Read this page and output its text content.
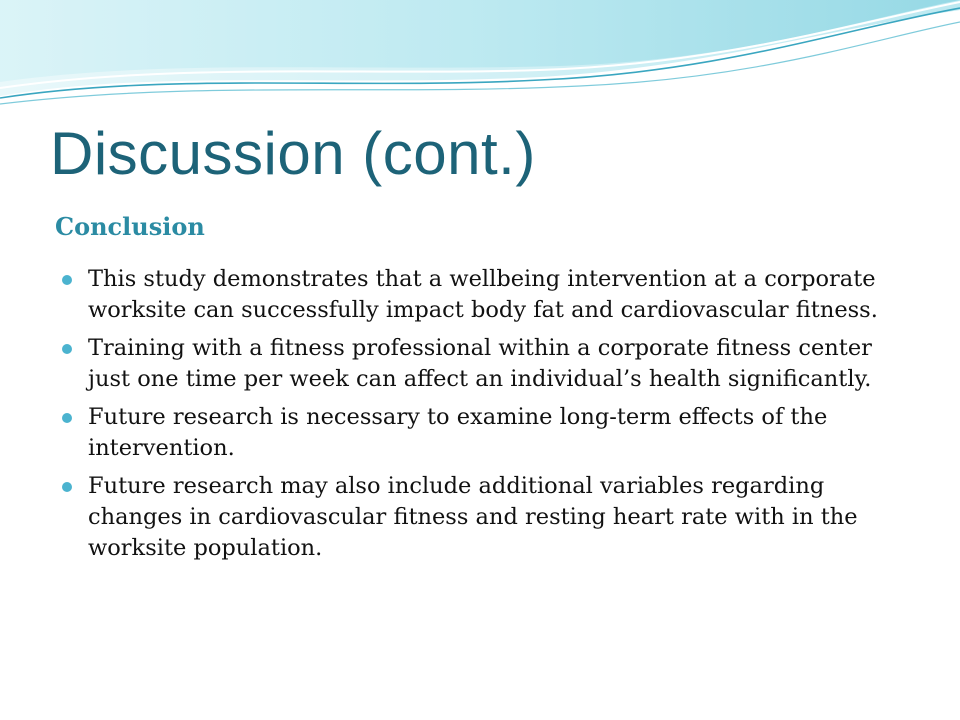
Discussion (cont.)
Conclusion
This study demonstrates that a wellbeing intervention at a corporate worksite can successfully impact body fat and cardiovascular fitness.
Training with a fitness professional within a corporate fitness center just one time per week can affect an individual’s health significantly.
Future research is necessary to examine long-term effects of the intervention.
Future research may also include additional variables regarding changes in cardiovascular fitness and resting heart rate with in the worksite population.
